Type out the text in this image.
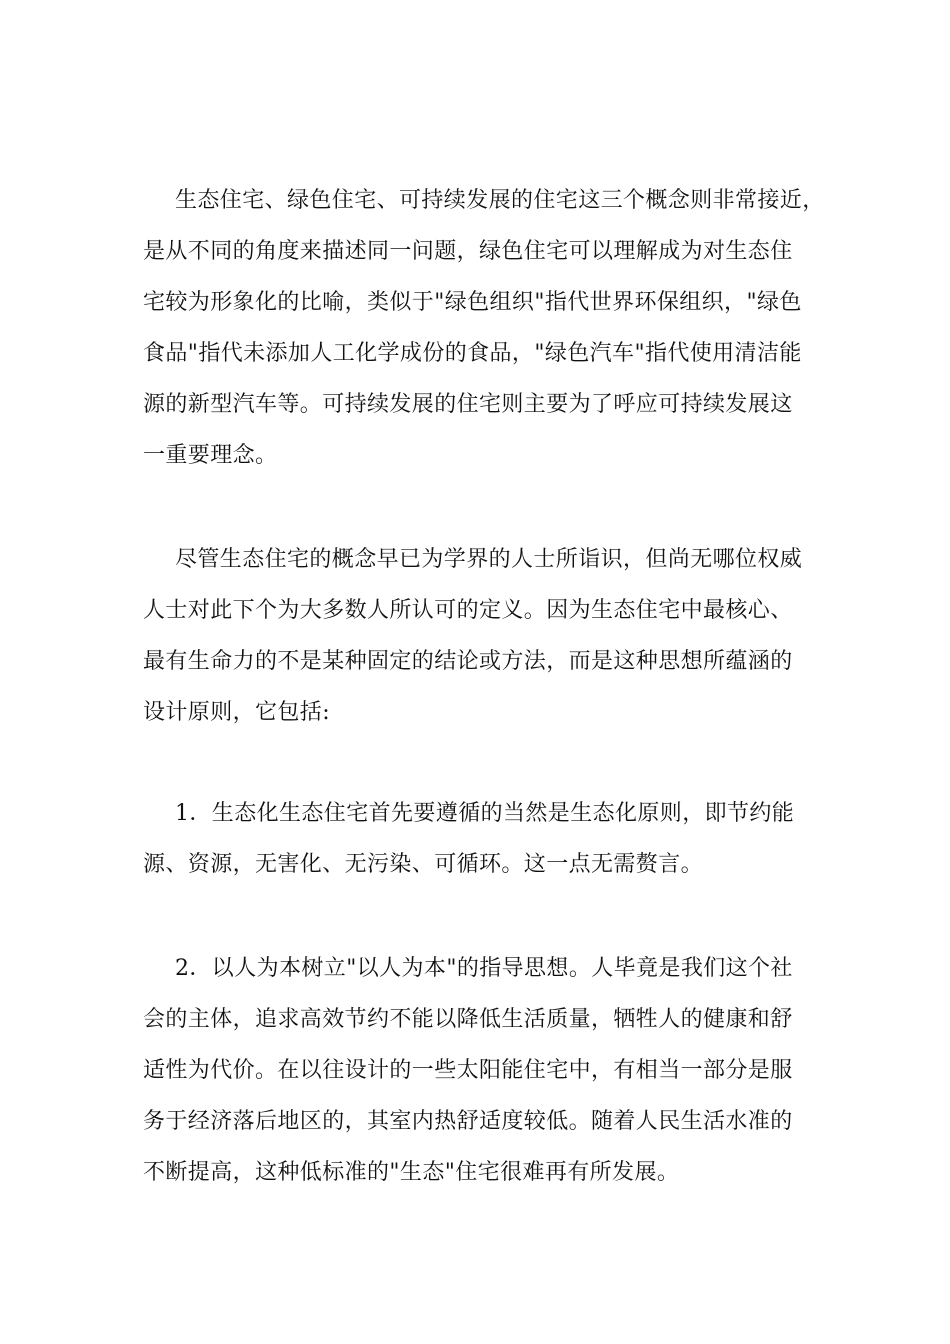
生态住宅、绿色住宅、可持续发展的住宅这三个概念则非常接近，
是从不同的角度来描述同一问题，绿色住宅可以理解成为对生态住
宅较为形象化的比喻，类似于"绿色组织"指代世界环保组织，"绿色
食品"指代未添加人工化学成份的食品，"绿色汽车"指代使用清洁能
源的新型汽车等。可持续发展的住宅则主要为了呼应可持续发展这
一重要理念。
尽管生态住宅的概念早已为学界的人士所诣识，但尚无哪位权威
人士对此下个为大多数人所认可的定义。因为生态住宅中最核心、
最有生命力的不是某种固定的结论或方法，而是这种思想所蕴涵的
设计原则，它包括:
1．生态化生态住宅首先要遵循的当然是生态化原则，即节约能
源、资源，无害化、无污染、可循环。这一点无需赘言。
2．以人为本树立"以人为本"的指导思想。人毕竟是我们这个社
会的主体，追求高效节约不能以降低生活质量，牺牲人的健康和舒
适性为代价。在以往设计的一些太阳能住宅中，有相当一部分是服
务于经济落后地区的，其室内热舒适度较低。随着人民生活水准的
不断提高，这种低标准的"生态"住宅很难再有所发展。
